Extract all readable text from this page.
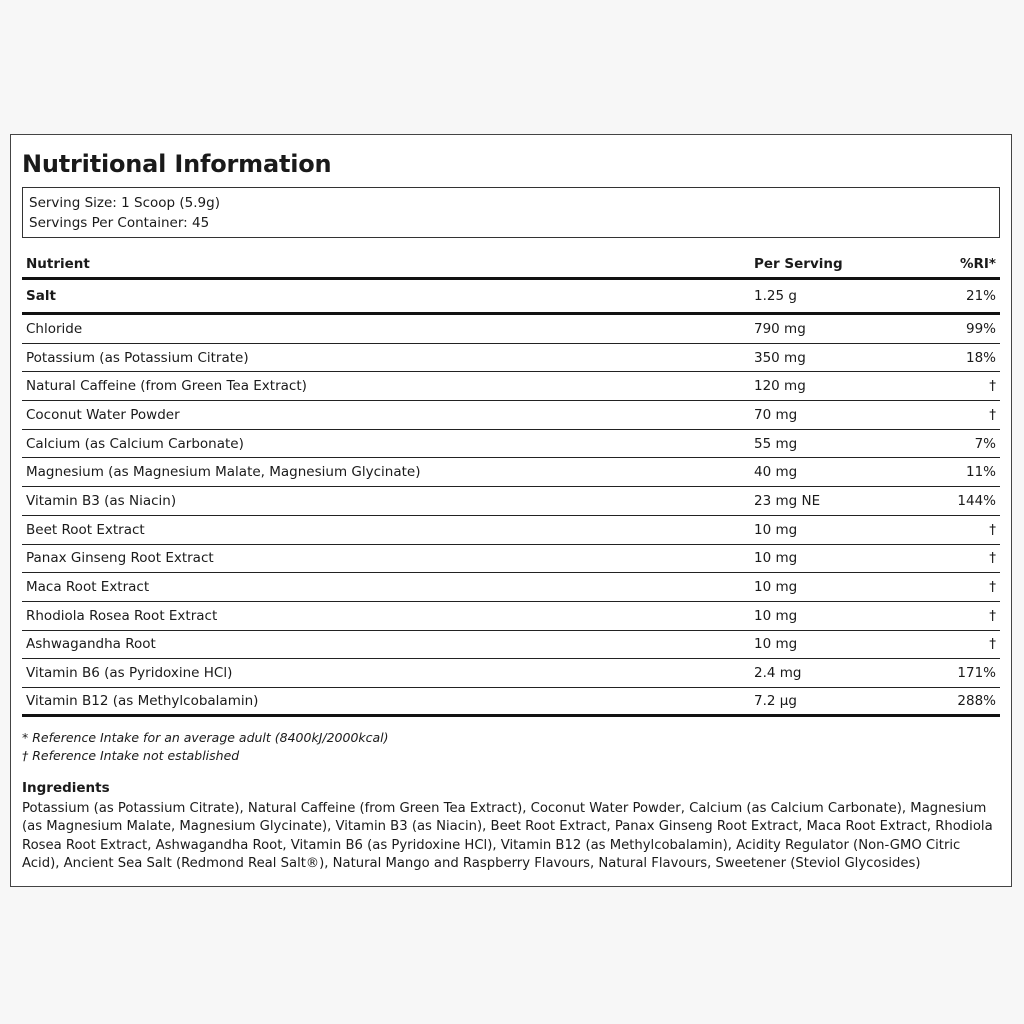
Nutritional Information
Serving Size: 1 Scoop (5.9g)
Servings Per Container: 45
Nutrient	Per Serving	%RI*
Salt	1.25 g	21%
Chloride	790 mg	99%
Potassium (as Potassium Citrate)	350 mg	18%
Natural Caffeine (from Green Tea Extract)	120 mg	†
Coconut Water Powder	70 mg	†
Calcium (as Calcium Carbonate)	55 mg	7%
Magnesium (as Magnesium Malate, Magnesium Glycinate)	40 mg	11%
Vitamin B3 (as Niacin)	23 mg NE	144%
Beet Root Extract	10 mg	†
Panax Ginseng Root Extract	10 mg	†
Maca Root Extract	10 mg	†
Rhodiola Rosea Root Extract	10 mg	†
Ashwagandha Root	10 mg	†
Vitamin B6 (as Pyridoxine HCl)	2.4 mg	171%
Vitamin B12 (as Methylcobalamin)	7.2 µg	288%
* Reference Intake for an average adult (8400kJ/2000kcal)
† Reference Intake not established
Ingredients
Potassium (as Potassium Citrate), Natural Caffeine (from Green Tea Extract), Coconut Water Powder, Calcium (as Calcium Carbonate), Magnesium (as Magnesium Malate, Magnesium Glycinate), Vitamin B3 (as Niacin), Beet Root Extract, Panax Ginseng Root Extract, Maca Root Extract, Rhodiola Rosea Root Extract, Ashwagandha Root, Vitamin B6 (as Pyridoxine HCl), Vitamin B12 (as Methylcobalamin), Acidity Regulator (Non-GMO Citric Acid), Ancient Sea Salt (Redmond Real Salt®), Natural Mango and Raspberry Flavours, Natural Flavours, Sweetener (Steviol Glycosides)
